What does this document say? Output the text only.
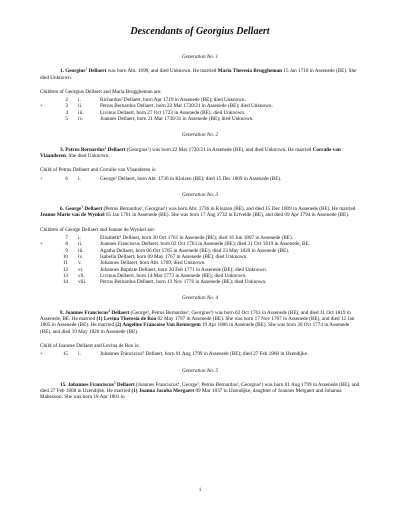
Descendants of Georgius Dellaert
Generation No. 1
1. Georgius$^1$ Dellaert was born Abt. 1690, and died Unknown. He married Maria Theresia Bruggheman 15 Jan 1718 in Assenede (BE). She died Unknown.
Children of Georgius Dellaert and Maria Bruggheman are:
2 i.	Richardus² Dellaert, born Apr 1719 in Assenede (BE); died Unknown.
+	3 ii.	Petrus Bernardus Dellaert, born 22 Mar 1720/21 in Assenede (BE); died Unknown.
4 iii.	Livinus Dellaert, born 27 Oct 1723 in Assenede (BE); died Unknown.
5 iv.	Joannes Dellaert, born 21 Mar 1730/31 in Assenede (BE); died Unknown.
Generation No. 2
3. Petrus Bernardus$^2$ Dellaert (Georgius¹) was born 22 Mar 1720/21 in Assenede (BE), and died Unknown. He married Corralie van Vlaanderen. She died Unknown.
Child of Petrus Dellaert and Corralie van Vlaanderen is:
+	6 i.	George³ Dellaert, born Abt. 1736 in Kluizen (BE); died 15 Dec 1809 in Assenede (BE).
Generation No. 3
6. George$^3$ Dellaert (Petrus Bernardus², Georgius¹) was born Abt. 1736 in Kluizen (BE), and died 15 Dec 1809 in Assenede (BE). He married Jeanne Marie van de Wynkel 05 Jan 1761 in Assenede (BE). She was born 17 Aug 1732 in Ertvelde (BE), and died 09 Apr 1794 in Assenede (BE).
Children of George Dellaert and Jeanne de Wynkel are:
7 i.	Elisabeth⁴ Dellaert, born 30 Oct 1761 in Assenede (BE); died 16 Jun 1807 in Assenede (BE).
+	8 ii.	Joannes Franciscus Dellaert, born 02 Oct 1763 in Assenede (BE); died 31 Oct 1819 in Assenede, BE.
9 iii.	Agatha Dellaert, born 06 Oct 1765 in Assenede (BE); died 23 May 1820 in Assenede (BE).
10 iv.	Isabella Dellaert, born 09 May 1767 in Assenede (BE); died Unknown.
11 v.	Johannes Dellaert, born Abt. 1769; died Unknown.
12 vi.	Johannes Baptiste Dellaert, born 20 Feb 1771 in Assenede (BE); died Unknown.
13 vii.	Livinus Dellaert, born 14 Mar 1773 in Assenede (BE); died Unknown.
14 viii.	Petrus Bernardus Dellaert, born 13 Nov 1776 in Assenede (BE); died Unknown.
Generation No. 4
8. Joannes Franciscus$^4$ Dellaert (George³, Petrus Bernardus², Georgius¹) was born 02 Oct 1763 in Assenede (BE), and died 31 Oct 1819 in Assenede, BE. He married (1) Levina Theresia de Roo 02 May 1797 in Assenede (BE). She was born 17 Nov 1767 in Assenede (BE), and died 12 Jan 1805 in Assenede (BE). He married (2) Angeline Francoise Van Rentergem 19 Apr 1806 in Assenede (BE). She was born 20 Oct 1774 in Assenede (BE), and died 19 May 1826 in Assenede (BE).
Child of Joannes Dellaert and Levina de Roo is:
+	15 i.	Johannes Franciscus⁵ Dellaert, born 01 Aug 1799 in Assenede (BE); died 27 Feb 1868 in IJzendijke.
Generation No. 5
15. Johannes Franciscus$^5$ Dellaert (Joannes Franciscus⁴, George³, Petrus Bernardus², Georgius¹) was born 01 Aug 1799 in Assenede (BE), and died 27 Feb 1868 in IJzendijke. He married (1) Joanna Jacoba Mergaert 09 Mar 1837 in IJzendijke, daughter of Joannes Mergaert and Johanna Mabesoon. She was born 18 Apr 1801 in
1
